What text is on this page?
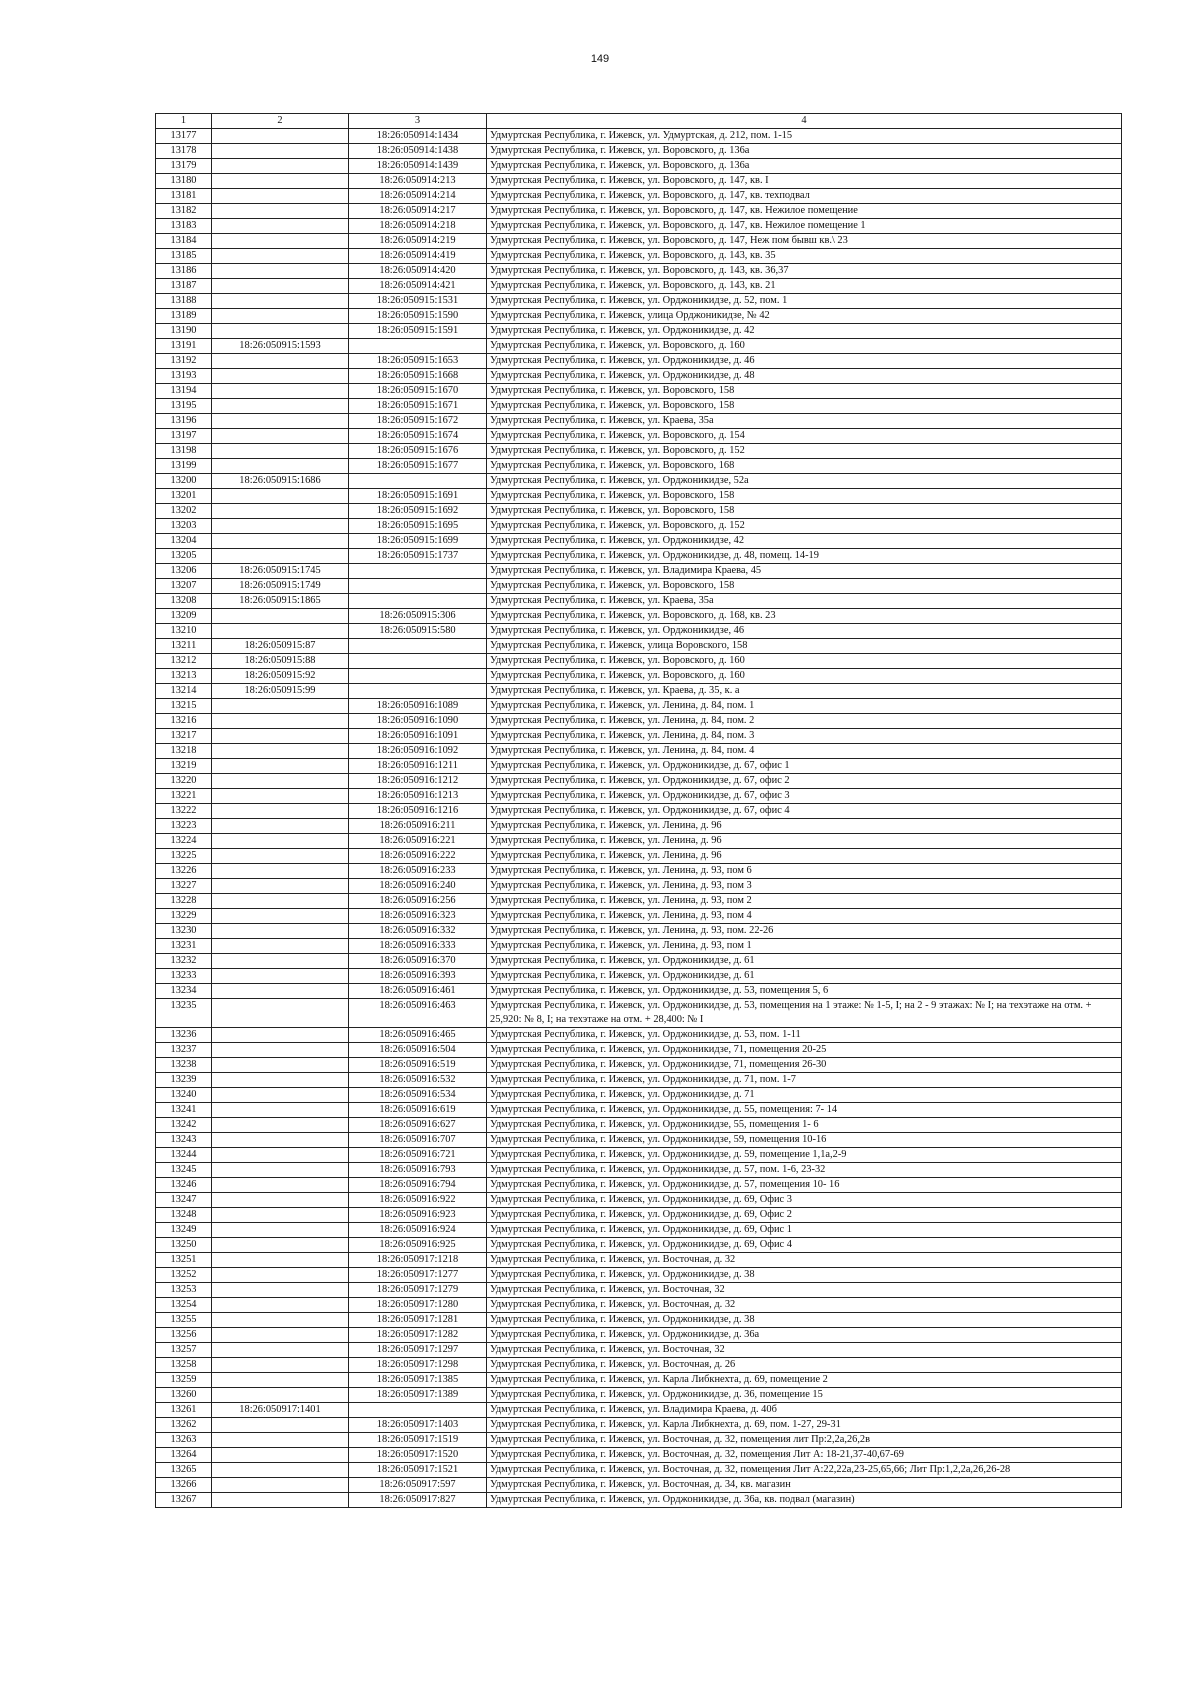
149
1	2	3	4
13177		18:26:050914:1434	Удмуртская Республика, г. Ижевск, ул. Удмуртская, д. 212, пом. 1-15
13178		18:26:050914:1438	Удмуртская Республика, г. Ижевск, ул. Воровского, д. 136а
13179		18:26:050914:1439	Удмуртская Республика, г. Ижевск, ул. Воровского, д. 136а
13180		18:26:050914:213	Удмуртская Республика, г. Ижевск, ул. Воровского, д. 147, кв. I
13181		18:26:050914:214	Удмуртская Республика, г. Ижевск, ул. Воровского, д. 147, кв. техподвал
13182		18:26:050914:217	Удмуртская Республика, г. Ижевск, ул. Воровского, д. 147, кв. Нежилое помещение
13183		18:26:050914:218	Удмуртская Республика, г. Ижевск, ул. Воровского, д. 147, кв. Нежилое помещение 1
13184		18:26:050914:219	Удмуртская Республика, г. Ижевск, ул. Воровского, д. 147, Неж пом бывш кв.\ 23
13185		18:26:050914:419	Удмуртская Республика, г. Ижевск, ул. Воровского, д. 143, кв. 35
13186		18:26:050914:420	Удмуртская Республика, г. Ижевск, ул. Воровского, д. 143, кв. 36,37
13187		18:26:050914:421	Удмуртская Республика, г. Ижевск, ул. Воровского, д. 143, кв. 21
13188		18:26:050915:1531	Удмуртская Республика, г. Ижевск, ул. Орджоникидзе, д. 52, пом. 1
13189		18:26:050915:1590	Удмуртская Республика, г. Ижевск, улица Орджоникидзе, № 42
13190		18:26:050915:1591	Удмуртская Республика, г. Ижевск, ул. Орджоникидзе, д. 42
13191	18:26:050915:1593		Удмуртская Республика, г. Ижевск, ул. Воровского, д. 160
13192		18:26:050915:1653	Удмуртская Республика, г. Ижевск, ул. Орджоникидзе, д. 46
13193		18:26:050915:1668	Удмуртская Республика, г. Ижевск, ул. Орджоникидзе, д. 48
13194		18:26:050915:1670	Удмуртская Республика, г. Ижевск, ул. Воровского, 158
13195		18:26:050915:1671	Удмуртская Республика, г. Ижевск, ул. Воровского, 158
13196		18:26:050915:1672	Удмуртская Республика, г. Ижевск, ул. Краева, 35а
13197		18:26:050915:1674	Удмуртская Республика, г. Ижевск, ул. Воровского, д. 154
13198		18:26:050915:1676	Удмуртская Республика, г. Ижевск, ул. Воровского, д. 152
13199		18:26:050915:1677	Удмуртская Республика, г. Ижевск, ул. Воровского, 168
13200	18:26:050915:1686		Удмуртская Республика, г. Ижевск, ул. Орджоникидзе, 52а
13201		18:26:050915:1691	Удмуртская Республика, г. Ижевск, ул. Воровского, 158
13202		18:26:050915:1692	Удмуртская Республика, г. Ижевск, ул. Воровского, 158
13203		18:26:050915:1695	Удмуртская Республика, г. Ижевск, ул. Воровского, д. 152
13204		18:26:050915:1699	Удмуртская Республика, г. Ижевск, ул. Орджоникидзе, 42
13205		18:26:050915:1737	Удмуртская Республика, г. Ижевск, ул. Орджоникидзе, д. 48, помещ. 14-19
13206	18:26:050915:1745		Удмуртская Республика, г. Ижевск, ул. Владимира Краева, 45
13207	18:26:050915:1749		Удмуртская Республика, г. Ижевск, ул. Воровского, 158
13208	18:26:050915:1865		Удмуртская Республика, г. Ижевск, ул. Краева, 35а
13209		18:26:050915:306	Удмуртская Республика, г. Ижевск, ул. Воровского, д. 168, кв. 23
13210		18:26:050915:580	Удмуртская Республика, г. Ижевск, ул. Орджоникидзе, 46
13211	18:26:050915:87		Удмуртская Республика, г. Ижевск, улица Воровского, 158
13212	18:26:050915:88		Удмуртская Республика, г. Ижевск, ул. Воровского, д. 160
13213	18:26:050915:92		Удмуртская Республика, г. Ижевск, ул. Воровского, д. 160
13214	18:26:050915:99		Удмуртская Республика, г. Ижевск, ул. Краева, д. 35, к. а
13215		18:26:050916:1089	Удмуртская Республика, г. Ижевск, ул. Ленина, д. 84, пом. 1
13216		18:26:050916:1090	Удмуртская Республика, г. Ижевск, ул. Ленина, д. 84, пом. 2
13217		18:26:050916:1091	Удмуртская Республика, г. Ижевск, ул. Ленина, д. 84, пом. 3
13218		18:26:050916:1092	Удмуртская Республика, г. Ижевск, ул. Ленина, д. 84, пом. 4
13219		18:26:050916:1211	Удмуртская Республика, г. Ижевск, ул. Орджоникидзе, д. 67, офис 1
13220		18:26:050916:1212	Удмуртская Республика, г. Ижевск, ул. Орджоникидзе, д. 67, офис 2
13221		18:26:050916:1213	Удмуртская Республика, г. Ижевск, ул. Орджоникидзе, д. 67, офис 3
13222		18:26:050916:1216	Удмуртская Республика, г. Ижевск, ул. Орджоникидзе, д. 67, офис 4
13223		18:26:050916:211	Удмуртская Республика, г. Ижевск, ул. Ленина, д. 96
13224		18:26:050916:221	Удмуртская Республика, г. Ижевск, ул. Ленина, д. 96
13225		18:26:050916:222	Удмуртская Республика, г. Ижевск, ул. Ленина, д. 96
13226		18:26:050916:233	Удмуртская Республика, г. Ижевск, ул. Ленина, д. 93, пом 6
13227		18:26:050916:240	Удмуртская Республика, г. Ижевск, ул. Ленина, д. 93, пом 3
13228		18:26:050916:256	Удмуртская Республика, г. Ижевск, ул. Ленина, д. 93, пом 2
13229		18:26:050916:323	Удмуртская Республика, г. Ижевск, ул. Ленина, д. 93, пом 4
13230		18:26:050916:332	Удмуртская Республика, г. Ижевск, ул. Ленина, д. 93, пом. 22-26
13231		18:26:050916:333	Удмуртская Республика, г. Ижевск, ул. Ленина, д. 93, пом 1
13232		18:26:050916:370	Удмуртская Республика, г. Ижевск, ул. Орджоникидзе, д. 61
13233		18:26:050916:393	Удмуртская Республика, г. Ижевск, ул. Орджоникидзе, д. 61
13234		18:26:050916:461	Удмуртская Республика, г. Ижевск, ул. Орджоникидзе, д. 53, помещения 5, 6
13235		18:26:050916:463	Удмуртская Республика, г. Ижевск, ул. Орджоникидзе, д. 53, помещения на 1 этаже: № 1-5, I; на 2 - 9 этажах: № I; на техэтаже на отм. + 25,920: № 8, I; на техэтаже на отм. + 28,400: № I
13236		18:26:050916:465	Удмуртская Республика, г. Ижевск, ул. Орджоникидзе, д. 53, пом. 1-11
13237		18:26:050916:504	Удмуртская Республика, г. Ижевск, ул. Орджоникидзе, 71, помещения 20-25
13238		18:26:050916:519	Удмуртская Республика, г. Ижевск, ул. Орджоникидзе, 71, помещения 26-30
13239		18:26:050916:532	Удмуртская Республика, г. Ижевск, ул. Орджоникидзе, д. 71, пом. 1-7
13240		18:26:050916:534	Удмуртская Республика, г. Ижевск, ул. Орджоникидзе, д. 71
13241		18:26:050916:619	Удмуртская Республика, г. Ижевск, ул. Орджоникидзе, д. 55, помещения: 7- 14
13242		18:26:050916:627	Удмуртская Республика, г. Ижевск, ул. Орджоникидзе, 55, помещения 1- 6
13243		18:26:050916:707	Удмуртская Республика, г. Ижевск, ул. Орджоникидзе, 59, помещения 10-16
13244		18:26:050916:721	Удмуртская Республика, г. Ижевск, ул. Орджоникидзе, д. 59, помещение 1,1а,2-9
13245		18:26:050916:793	Удмуртская Республика, г. Ижевск, ул. Орджоникидзе, д. 57, пом. 1-6, 23-32
13246		18:26:050916:794	Удмуртская Республика, г. Ижевск, ул. Орджоникидзе, д. 57, помещения 10- 16
13247		18:26:050916:922	Удмуртская Республика, г. Ижевск, ул. Орджоникидзе, д. 69, Офис 3
13248		18:26:050916:923	Удмуртская Республика, г. Ижевск, ул. Орджоникидзе, д. 69, Офис 2
13249		18:26:050916:924	Удмуртская Республика, г. Ижевск, ул. Орджоникидзе, д. 69, Офис 1
13250		18:26:050916:925	Удмуртская Республика, г. Ижевск, ул. Орджоникидзе, д. 69, Офис 4
13251		18:26:050917:1218	Удмуртская Республика, г. Ижевск, ул. Восточная, д. 32
13252		18:26:050917:1277	Удмуртская Республика, г. Ижевск, ул. Орджоникидзе, д. 38
13253		18:26:050917:1279	Удмуртская Республика, г. Ижевск, ул. Восточная, 32
13254		18:26:050917:1280	Удмуртская Республика, г. Ижевск, ул. Восточная, д. 32
13255		18:26:050917:1281	Удмуртская Республика, г. Ижевск, ул. Орджоникидзе, д. 38
13256		18:26:050917:1282	Удмуртская Республика, г. Ижевск, ул. Орджоникидзе, д. 36а
13257		18:26:050917:1297	Удмуртская Республика, г. Ижевск, ул. Восточная, 32
13258		18:26:050917:1298	Удмуртская Республика, г. Ижевск, ул. Восточная, д. 26
13259		18:26:050917:1385	Удмуртская Республика, г. Ижевск, ул. Карла Либкнехта, д. 69, помещение 2
13260		18:26:050917:1389	Удмуртская Республика, г. Ижевск, ул. Орджоникидзе, д. 36, помещение 15
13261	18:26:050917:1401		Удмуртская Республика, г. Ижевск, ул. Владимира Краева, д. 40б
13262		18:26:050917:1403	Удмуртская Республика, г. Ижевск, ул. Карла Либкнехта, д. 69, пом. 1-27, 29-31
13263		18:26:050917:1519	Удмуртская Республика, г. Ижевск, ул. Восточная, д. 32, помещения лит Пр:2,2а,26,2в
13264		18:26:050917:1520	Удмуртская Республика, г. Ижевск, ул. Восточная, д. 32, помещения Лит А: 18-21,37-40,67-69
13265		18:26:050917:1521	Удмуртская Республика, г. Ижевск, ул. Восточная, д. 32, помещения Лит А:22,22а,23-25,65,66; Лит Пр:1,2,2а,26,26-28
13266		18:26:050917:597	Удмуртская Республика, г. Ижевск, ул. Восточная, д. 34, кв. магазин
13267		18:26:050917:827	Удмуртская Республика, г. Ижевск, ул. Орджоникидзе, д. 36а, кв. подвал (магазин)
